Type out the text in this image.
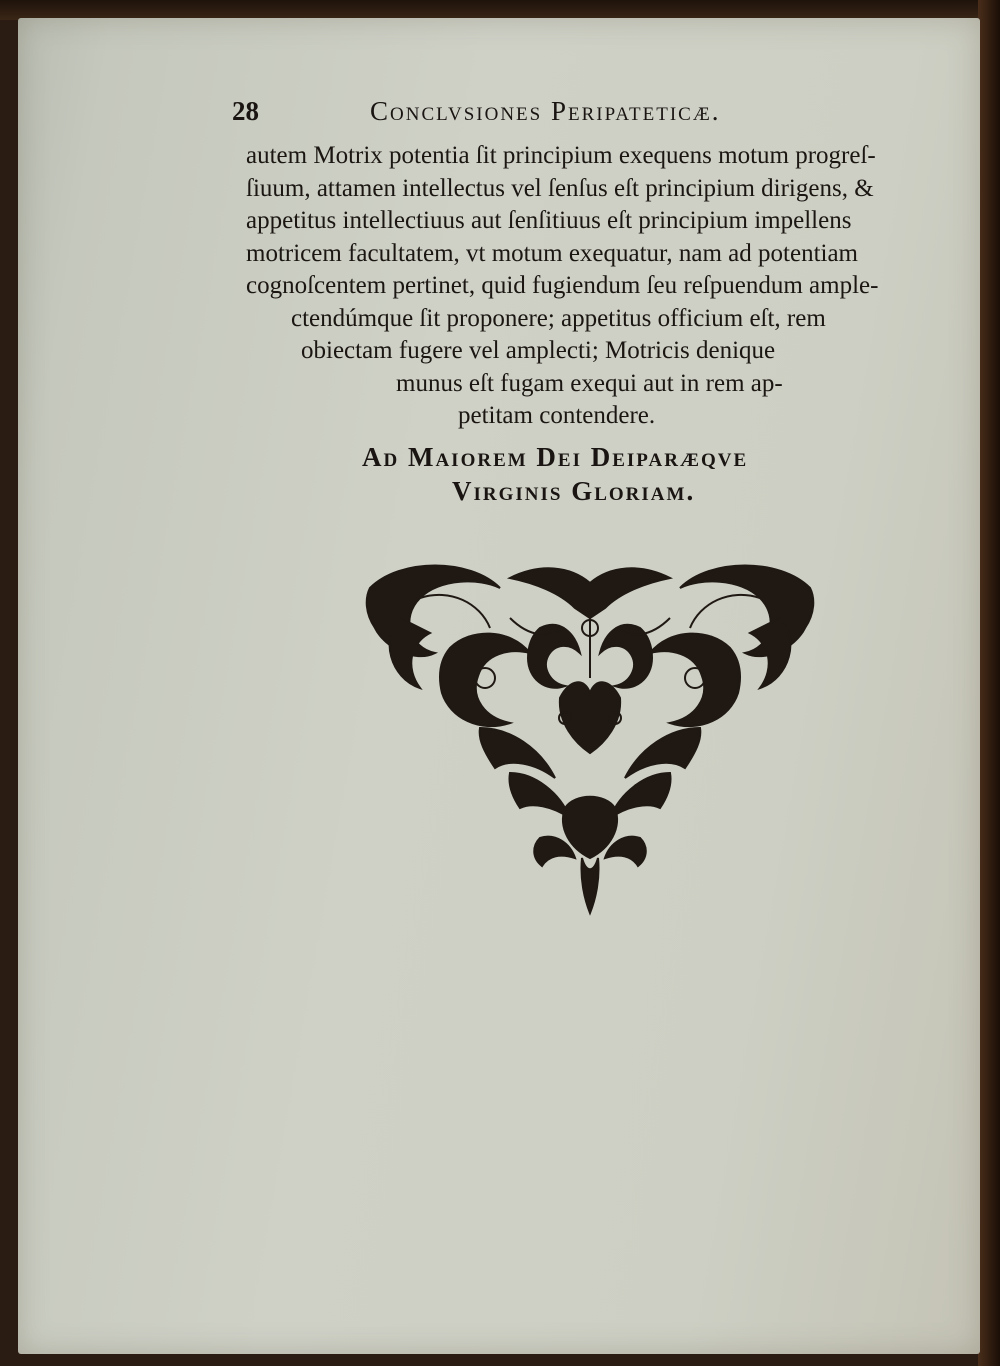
28	Conclvsiones Peripateticæ.
autem Motrix potentia ſit principium exequens motum progreſ-
ſiuum, attamen intellectus vel ſenſus eſt principium dirigens, &
appetitus intellectiuus aut ſenſitiuus eſt principium impellens
motricem facultatem, vt motum exequatur, nam ad potentiam
cognoſcentem pertinet, quid fugiendum ſeu reſpuendum ample-
ctendúmque ſit proponere; appetitus officium eſt, rem
obiectam fugere vel amplecti; Motricis denique
munus eſt fugam exequi aut in rem ap-
petitam contendere.
Ad Maiorem Dei Deiparæqve
Virginis Gloriam.
